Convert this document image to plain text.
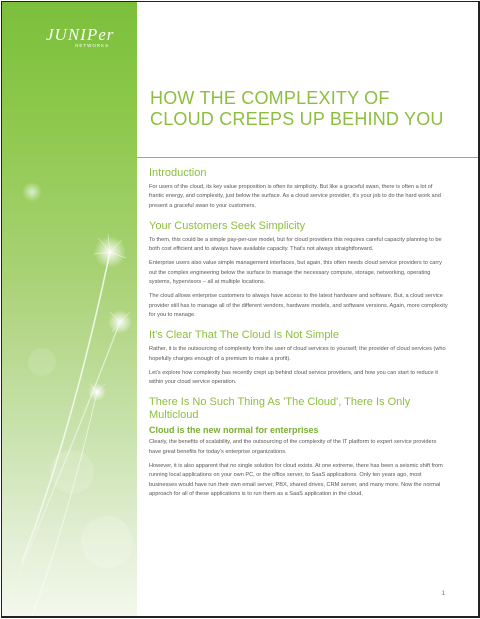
JUNIPer
NETWORKS
HOW THE COMPLEXITY OF CLOUD CREEPS UP BEHIND YOU
Introduction

For users of the cloud, its key value proposition is often its simplicity. But like a graceful swan, there is often a lot of frantic energy, and complexity, just below the surface. As a cloud service provider, it's your job to do the hard work and present a graceful swan to your customers.

Your Customers Seek Simplicity

To them, this could be a simple pay-per-use model, but for cloud providers this requires careful capacity planning to be both cost efficient and to always have available capacity. That's not always straightforward.

Enterprise users also value simple management interfaces, but again, this often needs cloud service providers to carry out the complex engineering below the surface to manage the necessary compute, storage, networking, operating systems, hypervisors – all at multiple locations.

The cloud allows enterprise customers to always have access to the latest hardware and software. But, a cloud service provider still has to manage all of the different vendors, hardware models, and software versions. Again, more complexity for you to manage.

It's Clear That The Cloud Is Not Simple

Rather, it is the outsourcing of complexity from the user of cloud services to yourself, the provider of cloud services (who hopefully charges enough of a premium to make a profit).

Let's explore how complexity has recently crept up behind cloud service providers, and how you can start to reduce it within your cloud service operation.

There Is No Such Thing As 'The Cloud', There Is Only Multicloud
Cloud is the new normal for enterprises

Clearly, the benefits of scalability, and the outsourcing of the complexity of the IT platform to expert service providers have great benefits for today's enterprise organizations.

However, it is also apparent that no single solution for cloud exists. At one extreme, there has been a seismic shift from running local applications on your own PC, or the office server, to SaaS applications. Only ten years ago, most businesses would have run their own email server, PBX, shared drives, CRM server, and many more. Now the normal approach for all of these applications is to run them as a SaaS application in the cloud.

1
